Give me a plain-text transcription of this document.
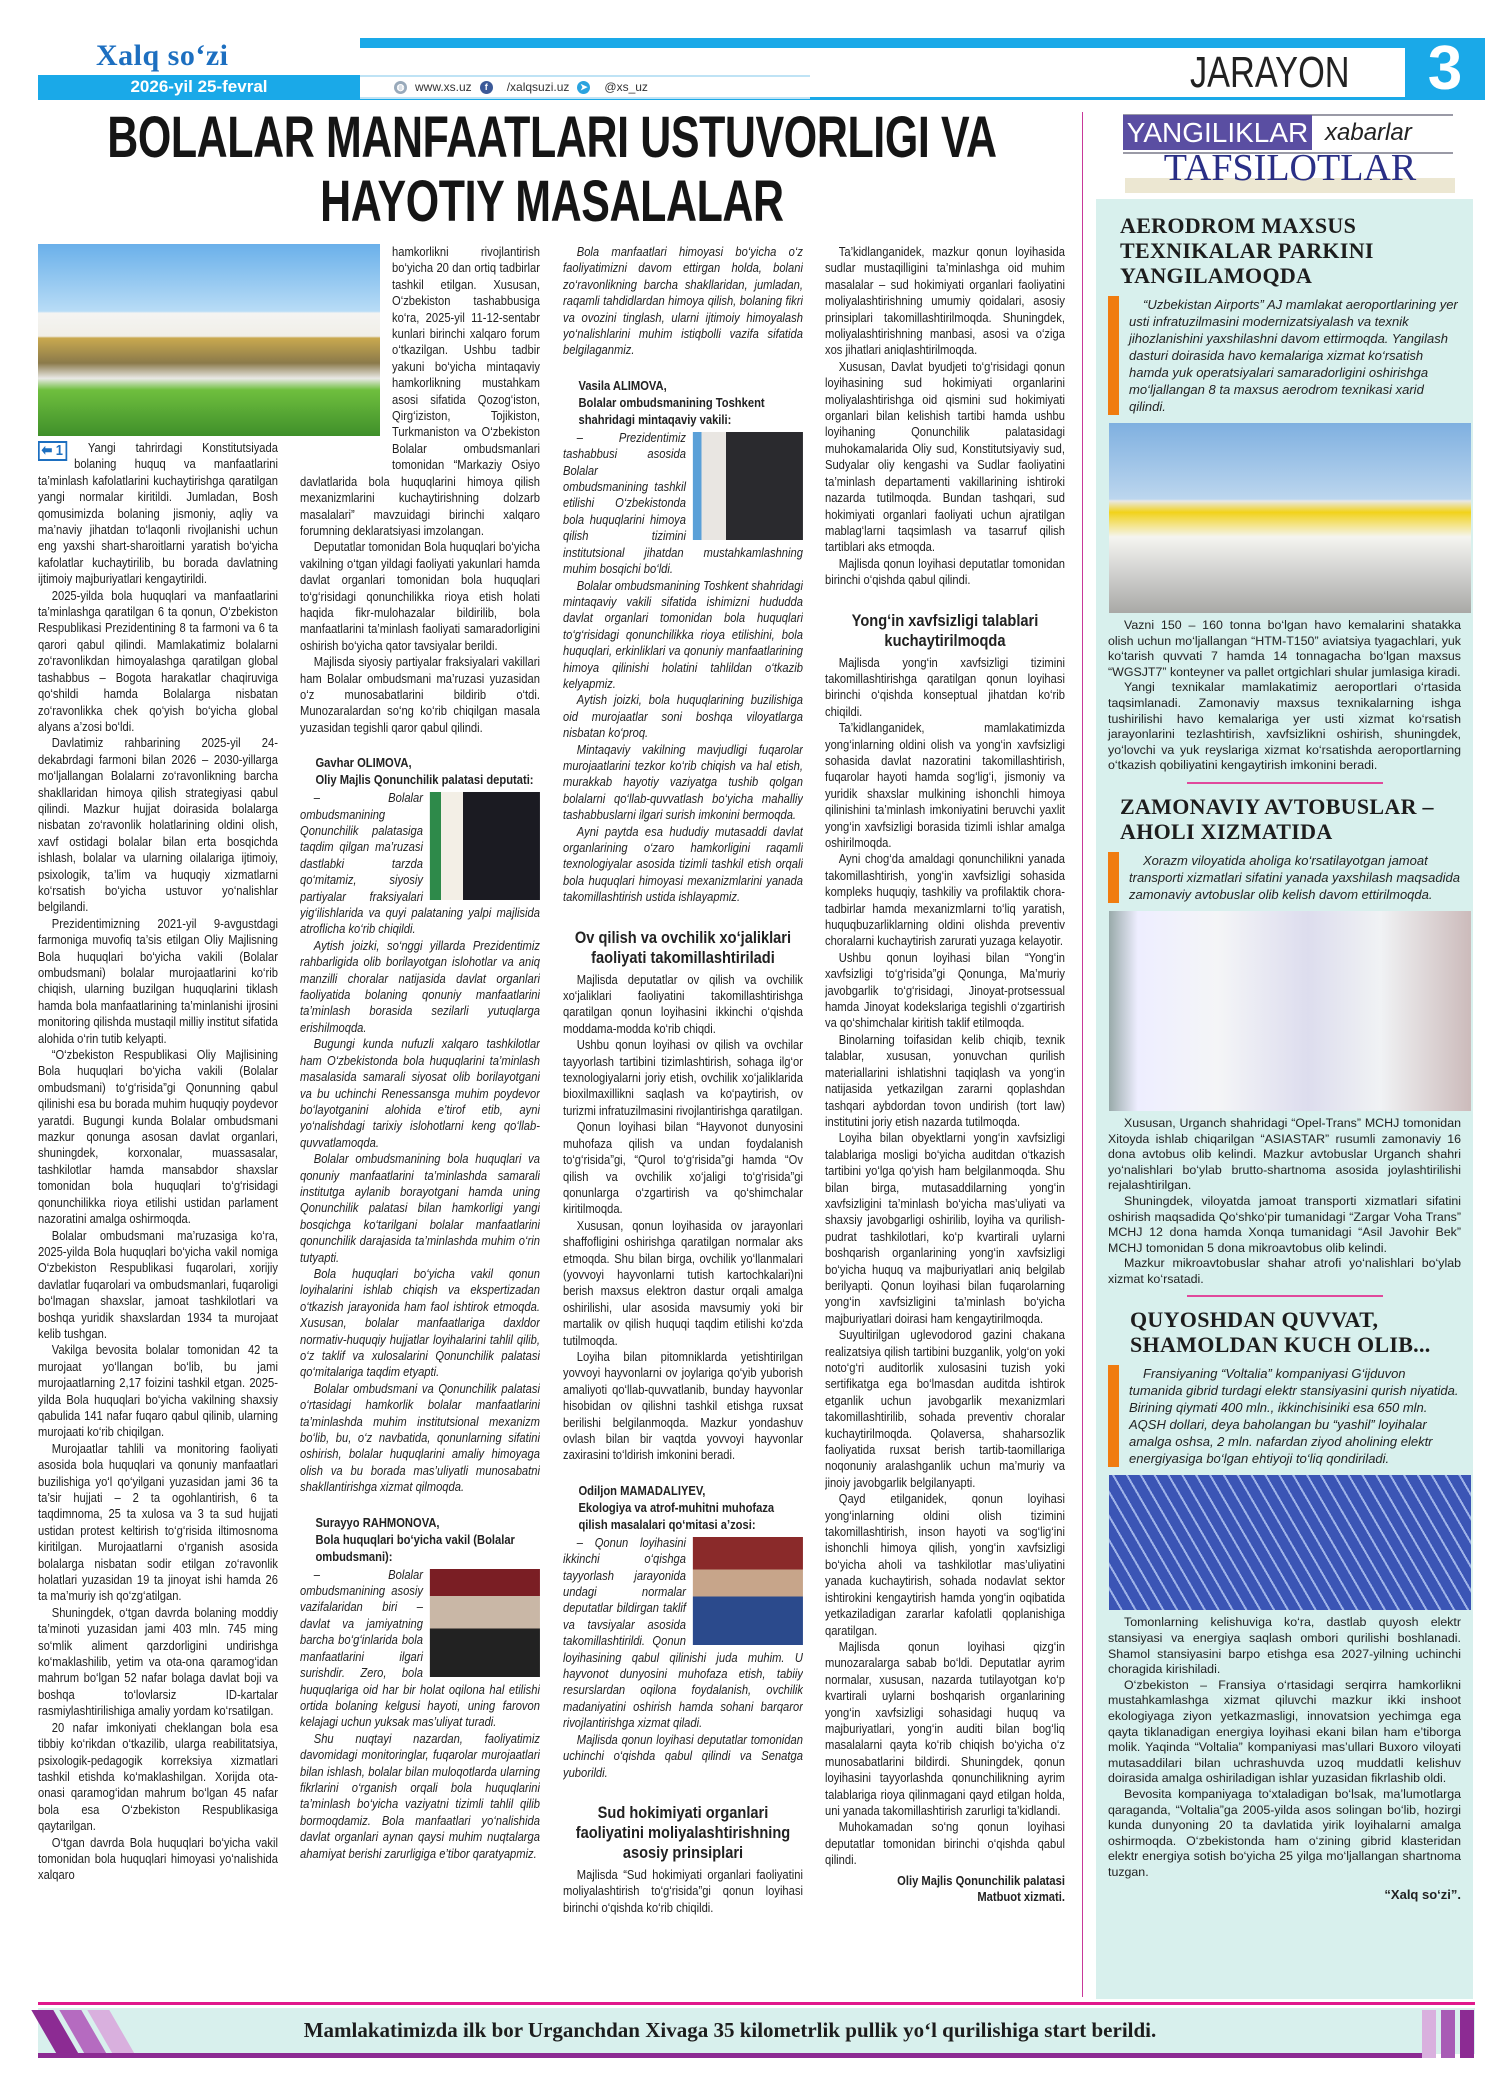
Xalq so‘zi
2026-yil 25-fevral	◍ www.xs.uz	f	/xalqsuzi.uz	➤ @xs_uz	JARAYON	3
BOLALAR MANFAATLARI USTUVORLIGI VA
HAYOTIY MASALALAR
⬅ 1	Yangi tahrirdagi Konstitutsiyada bolaning huquq va manfaatlarini ta’minlash kafolatlarini kuchaytirishga qaratilgan yangi normalar kiritildi. Jumladan, Bosh qomusimizda bolaning jismoniy, aqliy va ma’naviy jihatdan to‘laqonli rivojlanishi uchun eng yaxshi shart-sharoitlarni yaratish bo‘yicha kafolatlar kuchaytirilib, bu borada davlatning ijtimoiy majburiyatlari kengaytirildi.

2025-yilda bola huquqlari va manfaatlarini ta’minlashga qaratilgan 6 ta qonun, O‘zbekiston Respublikasi Prezidentining 8 ta farmoni va 6 ta qarori qabul qilindi. Mamlakatimiz bolalarni zo‘ravonlikdan himoyalashga qaratilgan global tashabbus – Bogota harakatlar chaqiruviga qo‘shildi hamda Bolalarga nisbatan zo‘ravonlikka chek qo‘yish bo‘yicha global alyans a’zosi bo‘ldi.

Davlatimiz rahbarining 2025-yil 24-dekabrdagi farmoni bilan 2026 – 2030-yillarga mo‘ljallangan Bolalarni zo‘ravonlikning barcha shakllaridan himoya qilish strategiyasi qabul qilindi. Mazkur hujjat doirasida bolalarga nisbatan zo‘ravonlik holatlarining oldini olish, xavf ostidagi bolalar bilan erta bosqichda ishlash, bolalar va ularning oilalariga ijtimoiy, psixologik, ta’lim va huquqiy xizmatlarni ko‘rsatish bo‘yicha ustuvor yo‘nalishlar belgilandi.

Prezidentimizning 2021-yil 9-avgustdagi farmoniga muvofiq ta’sis etilgan Oliy Majlisning Bola huquqlari bo‘yicha vakili (Bolalar ombudsmani) bolalar murojaatlarini ko‘rib chiqish, ularning buzilgan huquqlarini tiklash hamda bola manfaatlarining ta’minlanishi ijrosini monitoring qilishda mustaqil milliy institut sifatida alohida o‘rin tutib kelyapti.

“O‘zbekiston Respublikasi Oliy Majlisining Bola huquqlari bo‘yicha vakili (Bolalar ombudsmani) to‘g‘risida”gi Qonunning qabul qilinishi esa bu borada muhim huquqiy poydevor yaratdi. Bugungi kunda Bolalar ombudsmani mazkur qonunga asosan davlat organlari, shuningdek, korxonalar, muassasalar, tashkilotlar hamda mansabdor shaxslar tomonidan bola huquqlari to‘g‘risidagi qonunchilikka rioya etilishi ustidan parlament nazoratini amalga oshirmoqda.

Bolalar ombudsmani ma’ruzasiga ko‘ra, 2025-yilda Bola huquqlari bo‘yicha vakil nomiga O‘zbekiston Respublikasi fuqarolari, xorijiy davlatlar fuqarolari va ombudsmanlari, fuqaroligi bo‘lmagan shaxslar, jamoat tashkilotlari va boshqa yuridik shaxslardan 1934 ta murojaat kelib tushgan.

Vakilga bevosita bolalar tomonidan 42 ta murojaat yo‘llangan bo‘lib, bu jami murojaatlarning 2,17 foizini tashkil etgan. 2025-yilda Bola huquqlari bo‘yicha vakilning shaxsiy qabulida 141 nafar fuqaro qabul qilinib, ularning murojaati ko‘rib chiqilgan.

Murojaatlar tahlili va monitoring faoliyati asosida bola huquqlari va qonuniy manfaatlari buzilishiga yo‘l qo‘yilgani yuzasidan jami 36 ta ta’sir hujjati – 2 ta ogohlantirish, 6 ta taqdimnoma, 25 ta xulosa va 3 ta sud hujjati ustidan protest keltirish to‘g‘risida iltimosnoma kiritilgan. Murojaatlarni o‘rganish asosida bolalarga nisbatan sodir etilgan zo‘ravonlik holatlari yuzasidan 19 ta jinoyat ishi hamda 26 ta ma’muriy ish qo‘zg‘atilgan.

Shuningdek, o‘tgan davrda bolaning moddiy ta’minoti yuzasidan jami 403 mln. 745 ming so‘mlik aliment qarzdorligini undirishga ko‘maklashilib, yetim va ota-ona qaramog‘idan mahrum bo‘lgan 52 nafar bolaga davlat boji va boshqa to‘lovlarsiz ID-kartalar rasmiylashtirilishiga amaliy yordam ko‘rsatilgan.

20 nafar imkoniyati cheklangan bola esa tibbiy ko‘rikdan o‘tkazilib, ularga reabilitatsiya, psixologik-pedagogik korreksiya xizmatlari tashkil etishda ko‘maklashilgan. Xorijda ota-onasi qaramog‘idan mahrum bo‘lgan 45 nafar bola esa O‘zbekiston Respublikasiga qaytarilgan.

O‘tgan davrda Bola huquqlari bo‘yicha vakil tomonidan bola huquqlari himoyasi yo‘nalishida xalqaro

hamkorlikni rivojlantirish bo‘yicha 20 dan ortiq tadbirlar tashkil etilgan. Xususan, O‘zbekiston tashabbusiga ko‘ra, 2025-yil 11-12-sentabr kunlari birinchi xalqaro forum o‘tkazilgan. Ushbu tadbir yakuni bo‘yicha mintaqaviy hamkorlikning mustahkam asosi sifatida Qozog‘iston, Qirg‘iziston, Tojikiston, Turkmaniston va O‘zbekiston Bolalar ombudsmanlari tomonidan “Markaziy Osiyo davlatlarida bola huquqlarini himoya qilish mexanizmlarini kuchaytirishning dolzarb masalalari” mavzuidagi birinchi xalqaro forumning deklaratsiyasi imzolangan.

Deputatlar tomonidan Bola huquqlari bo‘yicha vakilning o‘tgan yildagi faoliyati yakunlari hamda davlat organlari tomonidan bola huquqlari to‘g‘risidagi qonunchilikka rioya etish holati haqida fikr-mulohazalar bildirilib, bola manfaatlarini ta’minlash faoliyati samaradorligini oshirish bo‘yicha qator tavsiyalar berildi.

Majlisda siyosiy partiyalar fraksiyalari vakillari ham Bolalar ombudsmani ma’ruzasi yuzasidan o‘z munosabatlarini bildirib o‘tdi. Munozaralardan so‘ng ko‘rib chiqilgan masala yuzasidan tegishli qaror qabul qilindi.

Gavhar OLIMOVA,
Oliy Majlis Qonunchilik palatasi deputati:

– Bolalar ombudsmanining Qonunchilik palatasiga taqdim qilgan ma’ruzasi dastlabki tarzda qo‘mitamiz, siyosiy partiyalar fraksiyalari yig‘ilishlarida va quyi palataning yalpi majlisida atroflicha ko‘rib chiqildi.

Aytish joizki, so‘nggi yillarda Prezidentimiz rahbarligida olib borilayotgan islohotlar va aniq manzilli choralar natijasida davlat organlari faoliyatida bolaning qonuniy manfaatlarini ta’minlash borasida sezilarli yutuqlarga erishilmoqda.

Bugungi kunda nufuzli xalqaro tashkilotlar ham O‘zbekistonda bola huquqlarini ta’minlash masalasida samarali siyosat olib borilayotgani va bu uchinchi Renessansga muhim poydevor bo‘layotganini alohida e’tirof etib, ayni yo‘nalishdagi tarixiy islohotlarni keng qo‘llab-quvvatlamoqda.

Bolalar ombudsmanining bola huquqlari va qonuniy manfaatlarini ta’minlashda samarali institutga aylanib borayotgani hamda uning Qonunchilik palatasi bilan hamkorligi yangi bosqichga ko‘tarilgani bolalar manfaatlarini qonunchilik darajasida ta’minlashda muhim o‘rin tutyapti.

Bola huquqlari bo‘yicha vakil qonun loyihalarini ishlab chiqish va ekspertizadan o‘tkazish jarayonida ham faol ishtirok etmoqda. Xususan, bolalar manfaatlariga daxldor normativ-huquqiy hujjatlar loyihalarini tahlil qilib, o‘z taklif va xulosalarini Qonunchilik palatasi qo‘mitalariga taqdim etyapti.

Bolalar ombudsmani va Qonunchilik palatasi o‘rtasidagi hamkorlik bolalar manfaatlarini ta’minlashda muhim institutsional mexanizm bo‘lib, bu, o‘z navbatida, qonunlarning sifatini oshirish, bolalar huquqlarini amaliy himoyaga olish va bu borada mas’uliyatli munosabatni shakllantirishga xizmat qilmoqda.

Surayyo RAHMONOVA,
Bola huquqlari bo‘yicha vakil (Bolalar ombudsmani):

– Bolalar ombudsmanining asosiy vazifalaridan biri – davlat va jamiyatning barcha bo‘g‘inlarida bola manfaatlarini ilgari surishdir. Zero, bola huquqlariga oid har bir holat oqilona hal etilishi ortida bolaning kelgusi hayoti, uning farovon kelajagi uchun yuksak mas’uliyat turadi.

Shu nuqtayi nazardan, faoliyatimiz davomidagi monitoringlar, fuqarolar murojaatlari bilan ishlash, bolalar bilan muloqotlarda ularning fikrlarini o‘rganish orqali bola huquqlarini ta’minlash bo‘yicha vaziyatni tizimli tahlil qilib bormoqdamiz. Bola manfaatlari yo‘nalishida davlat organlari aynan qaysi muhim nuqtalarga ahamiyat berishi zarurligiga e’tibor qaratyapmiz.

Bola manfaatlari himoyasi bo‘yicha o‘z faoliyatimizni davom ettirgan holda, bolani zo‘ravonlikning barcha shakllaridan, jumladan, raqamli tahdidlardan himoya qilish, bolaning fikri va ovozini tinglash, ularni ijtimoiy himoyalash yo‘nalishlarini muhim istiqbolli vazifa sifatida belgilaganmiz.

Vasila ALIMOVA,
Bolalar ombudsmanining Toshkent shahridagi mintaqaviy vakili:

– Prezidentimiz tashabbusi asosida Bolalar ombudsmanining tashkil etilishi O‘zbekistonda bola huquqlarini himoya qilish tizimini institutsional jihatdan mustahkamlashning muhim bosqichi bo‘ldi.

Bolalar ombudsmanining Toshkent shahridagi mintaqaviy vakili sifatida ishimizni hududda davlat organlari tomonidan bola huquqlari to‘g‘risidagi qonunchilikka rioya etilishini, bola huquqlari, erkinliklari va qonuniy manfaatlarining himoya qilinishi holatini tahlildan o‘tkazib kelyapmiz.

Aytish joizki, bola huquqlarining buzilishiga oid murojaatlar soni boshqa viloyatlarga nisbatan ko‘proq.

Mintaqaviy vakilning mavjudligi fuqarolar murojaatlarini tezkor ko‘rib chiqish va hal etish, murakkab hayotiy vaziyatga tushib qolgan bolalarni qo‘llab-quvvatlash bo‘yicha mahalliy tashabbuslarni ilgari surish imkonini bermoqda.

Ayni paytda esa hududiy mutasaddi davlat organlarining o‘zaro hamkorligini raqamli texnologiyalar asosida tizimli tashkil etish orqali bola huquqlari himoyasi mexanizmlarini yanada takomillashtirish ustida ishlayapmiz.

Ov qilish va ovchilik xo‘jaliklari faoliyati takomillashtiriladi

Majlisda deputatlar ov qilish va ovchilik xo‘jaliklari faoliyatini takomillashtirishga qaratilgan qonun loyihasini ikkinchi o‘qishda moddama-modda ko‘rib chiqdi.

Ushbu qonun loyihasi ov qilish va ovchilar tayyorlash tartibini tizimlashtirish, sohaga ilg‘or texnologiyalarni joriy etish, ovchilik xo‘jaliklarida bioxilmaxillikni saqlash va ko‘paytirish, ov turizmi infratuzilmasini rivojlantirishga qaratilgan.

Qonun loyihasi bilan “Hayvonot dunyosini muhofaza qilish va undan foydalanish to‘g‘risida”gi, “Qurol to‘g‘risida”gi hamda “Ov qilish va ovchilik xo‘jaligi to‘g‘risida”gi qonunlarga o‘zgartirish va qo‘shimchalar kiritilmoqda.

Xususan, qonun loyihasida ov jarayonlari shaffofligini oshirishga qaratilgan normalar aks etmoqda. Shu bilan birga, ovchilik yo‘llanmalari (yovvoyi hayvonlarni tutish kartochkalari)ni berish maxsus elektron dastur orqali amalga oshirilishi, ular asosida mavsumiy yoki bir martalik ov qilish huquqi taqdim etilishi ko‘zda tutilmoqda.

Loyiha bilan pitomniklarda yetishtirilgan yovvoyi hayvonlarni ov joylariga qo‘yib yuborish amaliyoti qo‘llab-quvvatlanib, bunday hayvonlar hisobidan ov qilishni tashkil etishga ruxsat berilishi belgilanmoqda. Mazkur yondashuv ovlash bilan bir vaqtda yovvoyi hayvonlar zaxirasini to‘ldirish imkonini beradi.

Odiljon MAMADALIYEV,
Ekologiya va atrof-muhitni muhofaza qilish masalalari qo‘mitasi a’zosi:

– Qonun loyihasini ikkinchi o‘qishga tayyorlash jarayonida undagi normalar deputatlar bildirgan taklif va tavsiyalar asosida takomillashtirildi. Qonun loyihasining qabul qilinishi juda muhim. U hayvonot dunyosini muhofaza etish, tabiiy resurslardan oqilona foydalanish, ovchilik madaniyatini oshirish hamda sohani barqaror rivojlantirishga xizmat qiladi.

Majlisda qonun loyihasi deputatlar tomonidan uchinchi o‘qishda qabul qilindi va Senatga yuborildi.

Sud hokimiyati organlari faoliyatini moliyalashtirishning asosiy prinsiplari

Majlisda “Sud hokimiyati organlari faoliyatini moliyalashtirish to‘g‘risida”gi qonun loyihasi birinchi o‘qishda ko‘rib chiqildi.

Ta’kidlanganidek, mazkur qonun loyihasida sudlar mustaqilligini ta’minlashga oid muhim masalalar – sud hokimiyati organlari faoliyatini moliyalashtirishning umumiy qoidalari, asosiy prinsiplari takomillashtirilmoqda. Shuningdek, moliyalashtirishning manbasi, asosi va o‘ziga xos jihatlari aniqlashtirilmoqda.

Xususan, Davlat byudjeti to‘g‘risidagi qonun loyihasining sud hokimiyati organlarini moliyalashtirishga oid qismini sud hokimiyati organlari bilan kelishish tartibi hamda ushbu loyihaning Qonunchilik palatasidagi muhokamalarida Oliy sud, Konstitutsiyaviy sud, Sudyalar oliy kengashi va Sudlar faoliyatini ta’minlash departamenti vakillarining ishtiroki nazarda tutilmoqda. Bundan tashqari, sud hokimiyati organlari faoliyati uchun ajratilgan mablag‘larni taqsimlash va tasarruf qilish tartiblari aks etmoqda.

Majlisda qonun loyihasi deputatlar tomonidan birinchi o‘qishda qabul qilindi.

Yong‘in xavfsizligi talablari kuchaytirilmoqda

Majlisda yong‘in xavfsizligi tizimini takomillashtirishga qaratilgan qonun loyihasi birinchi o‘qishda konseptual jihatdan ko‘rib chiqildi.

Ta’kidlanganidek, mamlakatimizda yong‘inlarning oldini olish va yong‘in xavfsizligi sohasida davlat nazoratini takomillashtirish, fuqarolar hayoti hamda sog‘lig‘i, jismoniy va yuridik shaxslar mulkining ishonchli himoya qilinishini ta’minlash imkoniyatini beruvchi yaxlit yong‘in xavfsizligi borasida tizimli ishlar amalga oshirilmoqda.

Ayni chog‘da amaldagi qonunchilikni yanada takomillashtirish, yong‘in xavfsizligi sohasida kompleks huquqiy, tashkiliy va profilaktik chora-tadbirlar hamda mexanizmlarni to‘liq yaratish, huquqbuzarliklarning oldini olishda preventiv choralarni kuchaytirish zarurati yuzaga kelayotir.

Ushbu qonun loyihasi bilan “Yong‘in xavfsizligi to‘g‘risida”gi Qonunga, Ma’muriy javobgarlik to‘g‘risidagi, Jinoyat-protsessual hamda Jinoyat kodekslariga tegishli o‘zgartirish va qo‘shimchalar kiritish taklif etilmoqda.

Binolarning toifasidan kelib chiqib, texnik talablar, xususan, yonuvchan qurilish materiallarini ishlatishni taqiqlash va yong‘in natijasida yetkazilgan zararni qoplashdan tashqari aybdordan tovon undirish (tort law) institutini joriy etish nazarda tutilmoqda.

Loyiha bilan obyektlarni yong‘in xavfsizligi talablariga mosligi bo‘yicha auditdan o‘tkazish tartibini yo‘lga qo‘yish ham belgilanmoqda. Shu bilan birga, mutasaddilarning yong‘in xavfsizligini ta’minlash bo‘yicha mas’uliyati va shaxsiy javobgarligi oshirilib, loyiha va qurilish-pudrat tashkilotlari, ko‘p kvartirali uylarni boshqarish organlarining yong‘in xavfsizligi bo‘yicha huquq va majburiyatlari aniq belgilab berilyapti. Qonun loyihasi bilan fuqarolarning yong‘in xavfsizligini ta’minlash bo‘yicha majburiyatlari doirasi ham kengaytirilmoqda.

Suyultirilgan uglevodorod gazini chakana realizatsiya qilish tartibini buzganlik, yolg‘on yoki noto‘g‘ri auditorlik xulosasini tuzish yoki sertifikatga ega bo‘lmasdan auditda ishtirok etganlik uchun javobgarlik mexanizmlari takomillashtirilib, sohada preventiv choralar kuchaytirilmoqda. Qolaversa, shaharsozlik faoliyatida ruxsat berish tartib-taomillariga noqonuniy aralashganlik uchun ma’muriy va jinoiy javobgarlik belgilanyapti.

Qayd etilganidek, qonun loyihasi yong‘inlarning oldini olish tizimini takomillashtirish, inson hayoti va sog‘lig‘ini ishonchli himoya qilish, yong‘in xavfsizligi bo‘yicha aholi va tashkilotlar mas’uliyatini yanada kuchaytirish, sohada nodavlat sektor ishtirokini kengaytirish hamda yong‘in oqibatida yetkaziladigan zararlar kafolatli qoplanishiga qaratilgan.

Majlisda qonun loyihasi qizg‘in munozaralarga sabab bo‘ldi. Deputatlar ayrim normalar, xususan, nazarda tutilayotgan ko‘p kvartirali uylarni boshqarish organlarining yong‘in xavfsizligi sohasidagi huquq va majburiyatlari, yong‘in auditi bilan bog‘liq masalalarni qayta ko‘rib chiqish bo‘yicha o‘z munosabatlarini bildirdi. Shuningdek, qonun loyihasini tayyorlashda qonunchilikning ayrim talablariga rioya qilinmagani qayd etilgan holda, uni yanada takomillashtirish zarurligi ta’kidlandi.

Muhokamadan so‘ng qonun loyihasi deputatlar tomonidan birinchi o‘qishda qabul qilindi.

Oliy Majlis Qonunchilik palatasi
Matbuot xizmati.

YANGILIKLAR xabarlar
TAFSILOTLAR
AERODROM MAXSUS TEXNIKALAR PARKINI YANGILAMOQDA

“Uzbekistan Airports” AJ mamlakat aeroportlarining yer usti infratuzilmasini modernizatsiyalash va texnik jihozlanishini yaxshilashni davom ettirmoqda. Yangilash dasturi doirasida havo kemalariga xizmat ko‘rsatish hamda yuk operatsiyalari samaradorligini oshirishga mo‘ljallangan 8 ta maxsus aerodrom texnikasi xarid qilindi.

Vazni 150 – 160 tonna bo‘lgan havo kemalarini shatakka olish uchun mo‘ljallangan “HTM-T150” aviatsiya tyagachlari, yuk ko‘tarish quvvati 7 hamda 14 tonnagacha bo‘lgan maxsus “WGSJT7” konteyner va pallet ortgichlari shular jumlasiga kiradi.

Yangi texnikalar mamlakatimiz aeroportlari o‘rtasida taqsimlanadi. Zamonaviy maxsus texnikalarning ishga tushirilishi havo kemalariga yer usti xizmat ko‘rsatish jarayonlarini tezlashtirish, xavfsizlikni oshirish, shuningdek, yo‘lovchi va yuk reyslariga xizmat ko‘rsatishda aeroportlarning o‘tkazish qobiliyatini kengaytirish imkonini beradi.

ZAMONAVIY AVTOBUSLAR – AHOLI XIZMATIDA

Xorazm viloyatida aholiga ko‘rsatilayotgan jamoat transporti xizmatlari sifatini yanada yaxshilash maqsadida zamonaviy avtobuslar olib kelish davom ettirilmoqda.

Xususan, Urganch shahridagi “Opel-Trans” MCHJ tomonidan Xitoyda ishlab chiqarilgan “ASIASTAR” rusumli zamonaviy 16 dona avtobus olib kelindi. Mazkur avtobuslar Urganch shahri yo‘nalishlari bo‘ylab brutto-shartnoma asosida joylashtirilishi rejalashtirilgan.

Shuningdek, viloyatda jamoat transporti xizmatlari sifatini oshirish maqsadida Qo‘shko‘pir tumanidagi “Zargar Voha Trans” MCHJ 12 dona hamda Xonqa tumanidagi “Asil Javohir Bek” MCHJ tomonidan 5 dona mikroavtobus olib kelindi.

Mazkur mikroavtobuslar shahar atrofi yo‘nalishlari bo‘ylab xizmat ko‘rsatadi.

QUYOSHDAN QUVVAT, SHAMOLDAN KUCH OLIB...

Fransiyaning “Voltalia” kompaniyasi G‘ijduvon tumanida gibrid turdagi elektr stansiyasini qurish niyatida. Birining qiymati 400 mln., ikkinchisiniki esa 650 mln. AQSH dollari, deya baholangan bu “yashil” loyihalar amalga oshsa, 2 mln. nafardan ziyod aholining elektr energiyasiga bo‘lgan ehtiyoji to‘liq qondiriladi.

Tomonlarning kelishuviga ko‘ra, dastlab quyosh elektr stansiyasi va energiya saqlash ombori qurilishi boshlanadi. Shamol stansiyasini barpo etishga esa 2027-yilning uchinchi choragida kirishiladi.

O‘zbekiston – Fransiya o‘rtasidagi serqirra hamkorlikni mustahkamlashga xizmat qiluvchi mazkur ikki inshoot ekologiyaga ziyon yetkazmasligi, innovatsion yechimga ega qayta tiklanadigan energiya loyihasi ekani bilan ham e’tiborga molik. Yaqinda “Voltalia” kompaniyasi mas’ullari Buxoro viloyati mutasaddilari bilan uchrashuvda uzoq muddatli kelishuv doirasida amalga oshiriladigan ishlar yuzasidan fikrlashib oldi.

Bevosita kompaniyaga to‘xtaladigan bo‘lsak, ma’lumotlarga qaraganda, “Voltalia”ga 2005-yilda asos solingan bo‘lib, hozirgi kunda dunyoning 20 ta davlatida yirik loyihalarni amalga oshirmoqda. O‘zbekistonda ham o‘zining gibrid klasteridan elektr energiya sotish bo‘yicha 25 yilga mo‘ljallangan shartnoma tuzgan.

“Xalq so‘zi”.

Mamlakatimizda ilk bor Urganchdan Xivaga 35 kilometrlik pullik yo‘l qurilishiga start berildi.
